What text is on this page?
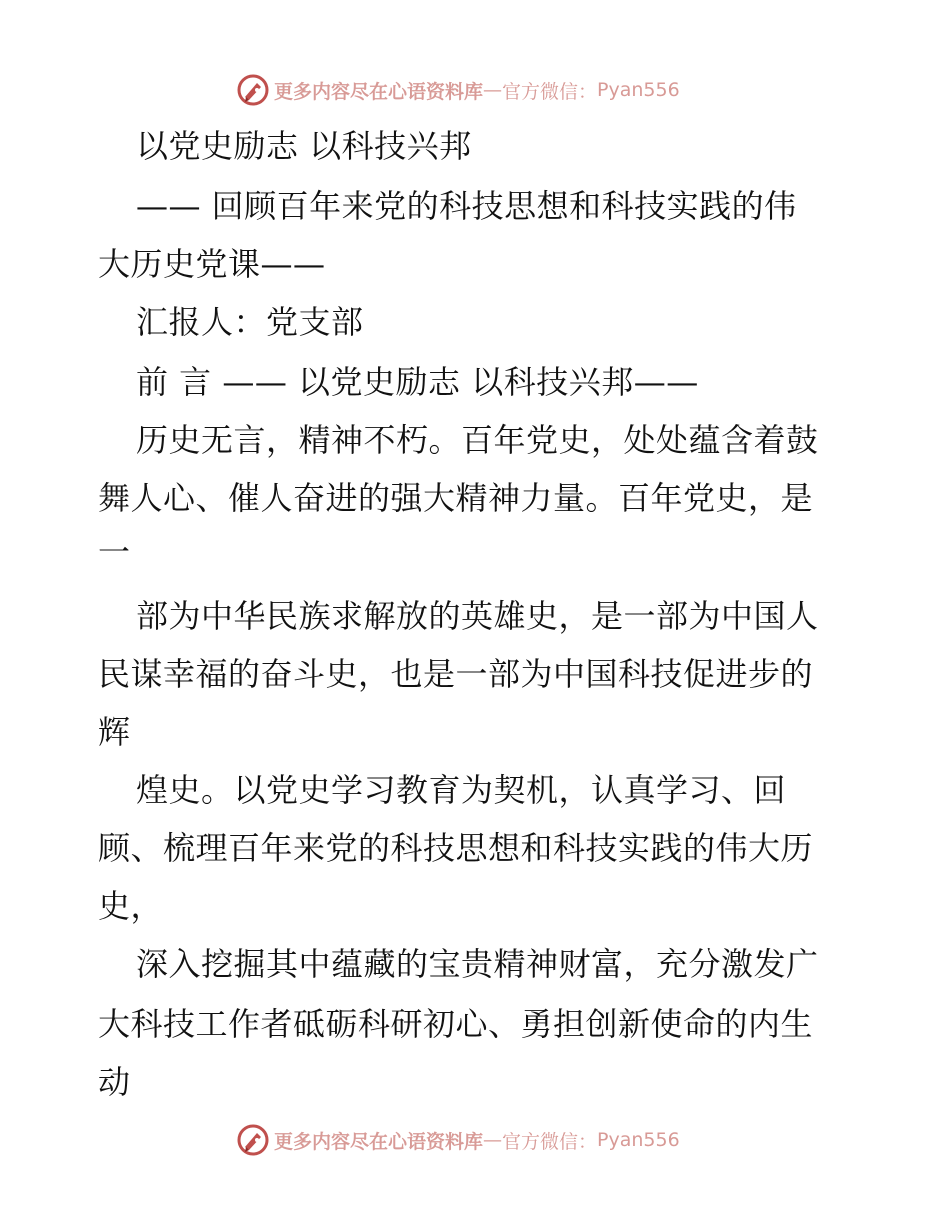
更多内容尽在心语资料库 — 官方微信： Pyan556
以党史励志 以科技兴邦
—— 回顾百年来党的科技思想和科技实践的伟
大历史党课——
汇报人：党支部
前 言 —— 以党史励志 以科技兴邦——
历史无言，精神不朽。百年党史，处处蕴含着鼓
舞人心、催人奋进的强大精神力量。百年党史，是
一
部为中华民族求解放的英雄史，是一部为中国人
民谋幸福的奋斗史，也是一部为中国科技促进步的
辉
煌史。以党史学习教育为契机，认真学习、回
顾、梳理百年来党的科技思想和科技实践的伟大历
史，
深入挖掘其中蕴藏的宝贵精神财富，充分激发广
大科技工作者砥砺科研初心、勇担创新使命的内生
动
更多内容尽在心语资料库 — 官方微信： Pyan556
